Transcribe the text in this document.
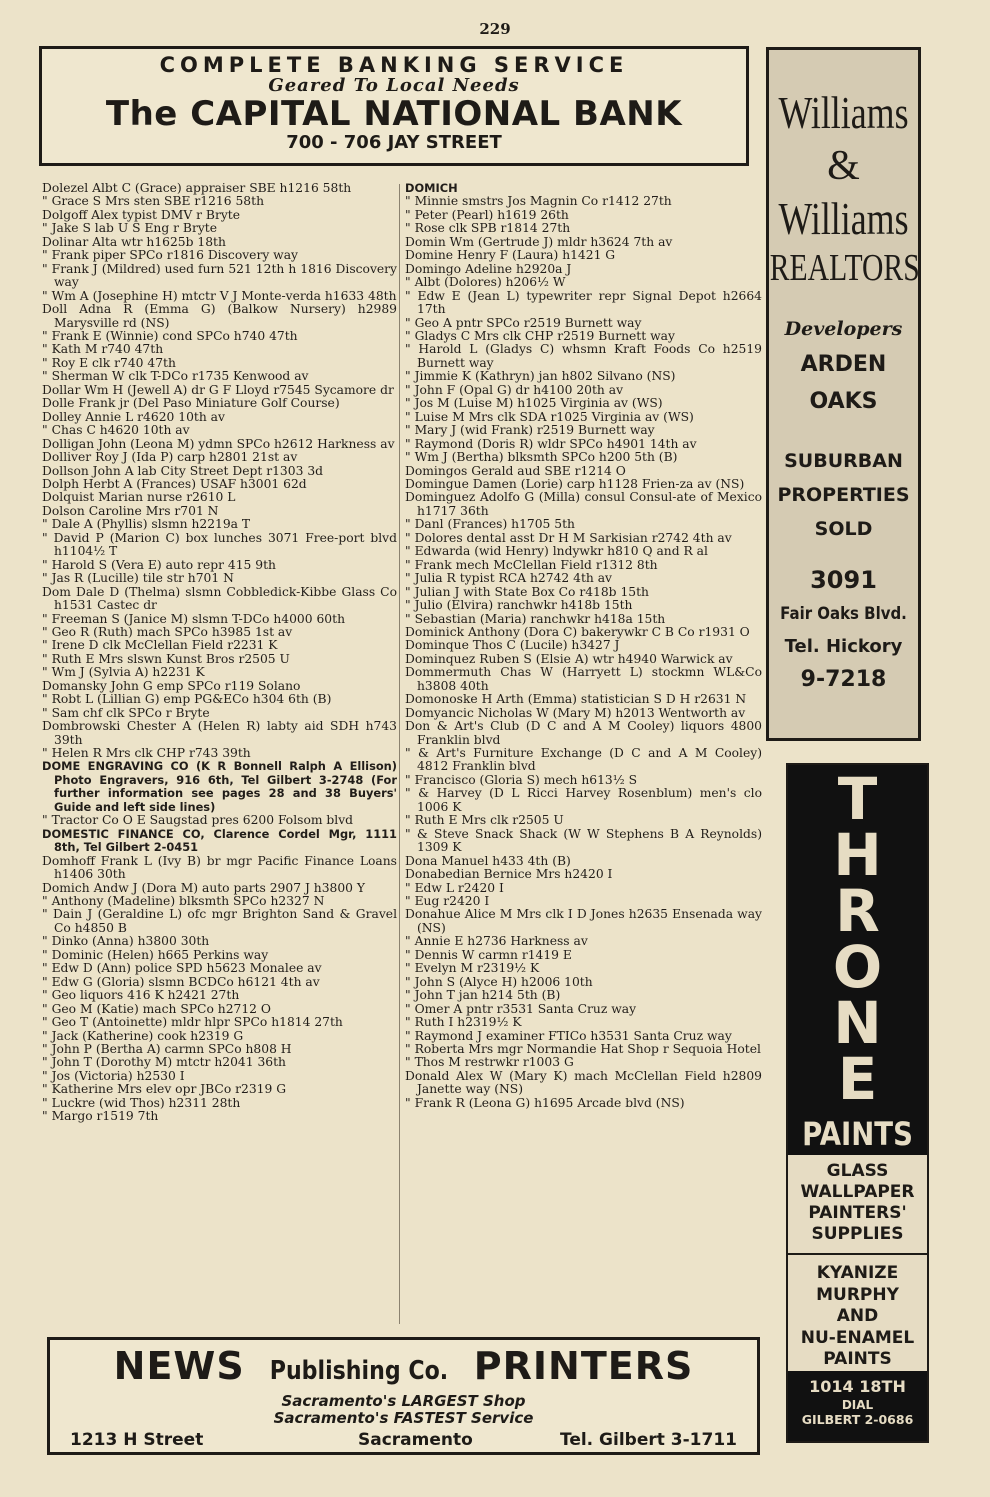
229
COMPLETE BANKING SERVICE
Geared To Local Needs
The CAPITAL NATIONAL BANK
700 - 706 JAY STREET
Dolezel Albt C (Grace) appraiser SBE h1216 58th
" Grace S Mrs sten SBE r1216 58th
Dolgoff Alex typist DMV r Bryte
" Jake S lab U S Eng r Bryte
Dolinar Alta wtr h1625b 18th
" Frank piper SPCo r1816 Discovery way
" Frank J (Mildred) used furn 521 12th h 1816 Discovery way
" Wm A (Josephine H) mtctr V J Monte-verda h1633 48th
Doll Adna R (Emma G) (Balkow Nursery) h2989 Marysville rd (NS)
" Frank E (Winnie) cond SPCo h740 47th
" Kath M r740 47th
" Roy E clk r740 47th
" Sherman W clk T-DCo r1735 Kenwood av
Dollar Wm H (Jewell A) dr G F Lloyd r7545 Sycamore dr
Dolle Frank jr (Del Paso Miniature Golf Course)
Dolley Annie L r4620 10th av
" Chas C h4620 10th av
Dolligan John (Leona M) ydmn SPCo h2612 Harkness av
Dolliver Roy J (Ida P) carp h2801 21st av
Dollson John A lab City Street Dept r1303 3d
Dolph Herbt A (Frances) USAF h3001 62d
Dolquist Marian nurse r2610 L
Dolson Caroline Mrs r701 N
" Dale A (Phyllis) slsmn h2219a T
" David P (Marion C) box lunches 3071 Free-port blvd h1104½ T
" Harold S (Vera E) auto repr 415 9th
" Jas R (Lucille) tile str h701 N
Dom Dale D (Thelma) slsmn Cobbledick-Kibbe Glass Co h1531 Castec dr
" Freeman S (Janice M) slsmn T-DCo h4000 60th
" Geo R (Ruth) mach SPCo h3985 1st av
" Irene D clk McClellan Field r2231 K
" Ruth E Mrs slswn Kunst Bros r2505 U
" Wm J (Sylvia A) h2231 K
Domansky John G emp SPCo r119 Solano
" Robt L (Lillian G) emp PG&ECo h304 6th (B)
" Sam chf clk SPCo r Bryte
Dombrowski Chester A (Helen R) labty aid SDH h743 39th
" Helen R Mrs clk CHP r743 39th
DOME ENGRAVING CO (K R Bonnell Ralph A Ellison) Photo Engravers, 916 6th, Tel Gilbert 3-2748 (For further information see pages 28 and 38 Buyers' Guide and left side lines)
" Tractor Co O E Saugstad pres 6200 Folsom blvd
DOMESTIC FINANCE CO, Clarence Cordel Mgr, 1111 8th, Tel Gilbert 2-0451
Domhoff Frank L (Ivy B) br mgr Pacific Finance Loans h1406 30th
Domich Andw J (Dora M) auto parts 2907 J h3800 Y
" Anthony (Madeline) blksmth SPCo h2327 N
" Dain J (Geraldine L) ofc mgr Brighton Sand & Gravel Co h4850 B
" Dinko (Anna) h3800 30th
" Dominic (Helen) h665 Perkins way
" Edw D (Ann) police SPD h5623 Monalee av
" Edw G (Gloria) slsmn BCDCo h6121 4th av
" Geo liquors 416 K h2421 27th
" Geo M (Katie) mach SPCo h2712 O
" Geo T (Antoinette) mldr hlpr SPCo h1814 27th
" Jack (Katherine) cook h2319 G
" John P (Bertha A) carmn SPCo h808 H
" John T (Dorothy M) mtctr h2041 36th
" Jos (Victoria) h2530 I
" Katherine Mrs elev opr JBCo r2319 G
" Luckre (wid Thos) h2311 28th
" Margo r1519 7th
DOMICH
" Minnie smstrs Jos Magnin Co r1412 27th
" Peter (Pearl) h1619 26th
" Rose clk SPB r1814 27th
Domin Wm (Gertrude J) mldr h3624 7th av
Domine Henry F (Laura) h1421 G
Domingo Adeline h2920a J
" Albt (Dolores) h206½ W
" Edw E (Jean L) typewriter repr Signal Depot h2664 17th
" Geo A pntr SPCo r2519 Burnett way
" Gladys C Mrs clk CHP r2519 Burnett way
" Harold L (Gladys C) whsmn Kraft Foods Co h2519 Burnett way
" Jimmie K (Kathryn) jan h802 Silvano (NS)
" John F (Opal G) dr h4100 20th av
" Jos M (Luise M) h1025 Virginia av (WS)
" Luise M Mrs clk SDA r1025 Virginia av (WS)
" Mary J (wid Frank) r2519 Burnett way
" Raymond (Doris R) wldr SPCo h4901 14th av
" Wm J (Bertha) blksmth SPCo h200 5th (B)
Domingos Gerald aud SBE r1214 O
Domingue Damen (Lorie) carp h1128 Frien-za av (NS)
Dominguez Adolfo G (Milla) consul Consul-ate of Mexico h1717 36th
" Danl (Frances) h1705 5th
" Dolores dental asst Dr H M Sarkisian r2742 4th av
" Edwarda (wid Henry) lndywkr h810 Q and R al
" Frank mech McClellan Field r1312 8th
" Julia R typist RCA h2742 4th av
" Julian J with State Box Co r418b 15th
" Julio (Elvira) ranchwkr h418b 15th
" Sebastian (Maria) ranchwkr h418a 15th
Dominick Anthony (Dora C) bakerywkr C B Co r1931 O
Dominque Thos C (Lucile) h3427 J
Dominquez Ruben S (Elsie A) wtr h4940 Warwick av
Dommermuth Chas W (Harryett L) stockmn WL&Co h3808 40th
Domonoske H Arth (Emma) statistician S D H r2631 N
Domyancic Nicholas W (Mary M) h2013 Wentworth av
Don & Art's Club (D C and A M Cooley) liquors 4800 Franklin blvd
" & Art's Furniture Exchange (D C and A M Cooley) 4812 Franklin blvd
" Francisco (Gloria S) mech h613½ S
" & Harvey (D L Ricci Harvey Rosenblum) men's clo 1006 K
" Ruth E Mrs clk r2505 U
" & Steve Snack Shack (W W Stephens B A Reynolds) 1309 K
Dona Manuel h433 4th (B)
Donabedian Bernice Mrs h2420 I
" Edw L r2420 I
" Eug r2420 I
Donahue Alice M Mrs clk I D Jones h2635 Ensenada way (NS)
" Annie E h2736 Harkness av
" Dennis W carmn r1419 E
" Evelyn M r2319½ K
" John S (Alyce H) h2006 10th
" John T jan h214 5th (B)
" Omer A pntr r3531 Santa Cruz way
" Ruth I h2319½ K
" Raymond J examiner FTICo h3531 Santa Cruz way
" Roberta Mrs mgr Normandie Hat Shop r Sequoia Hotel
" Thos M restrwkr r1003 G
Donald Alex W (Mary K) mach McClellan Field h2809 Janette way (NS)
" Frank R (Leona G) h1695 Arcade blvd (NS)
Williams
&
Williams
REALTORS
Developers
ARDEN
OAKS
SUBURBAN
PROPERTIES
SOLD
3091
Fair Oaks Blvd.
Tel. Hickory
9-7218
T
H
R
O
N
E
PAINTS
GLASS
WALLPAPER
PAINTERS'
SUPPLIES
KYANIZE
MURPHY
AND
NU-ENAMEL
PAINTS
1014 18TH
DIAL
GILBERT 2-0686
NEWS Publishing Co. PRINTERS
Sacramento's LARGEST Shop
Sacramento's FASTEST Service
1213 H Street	Sacramento	Tel. Gilbert 3-1711
